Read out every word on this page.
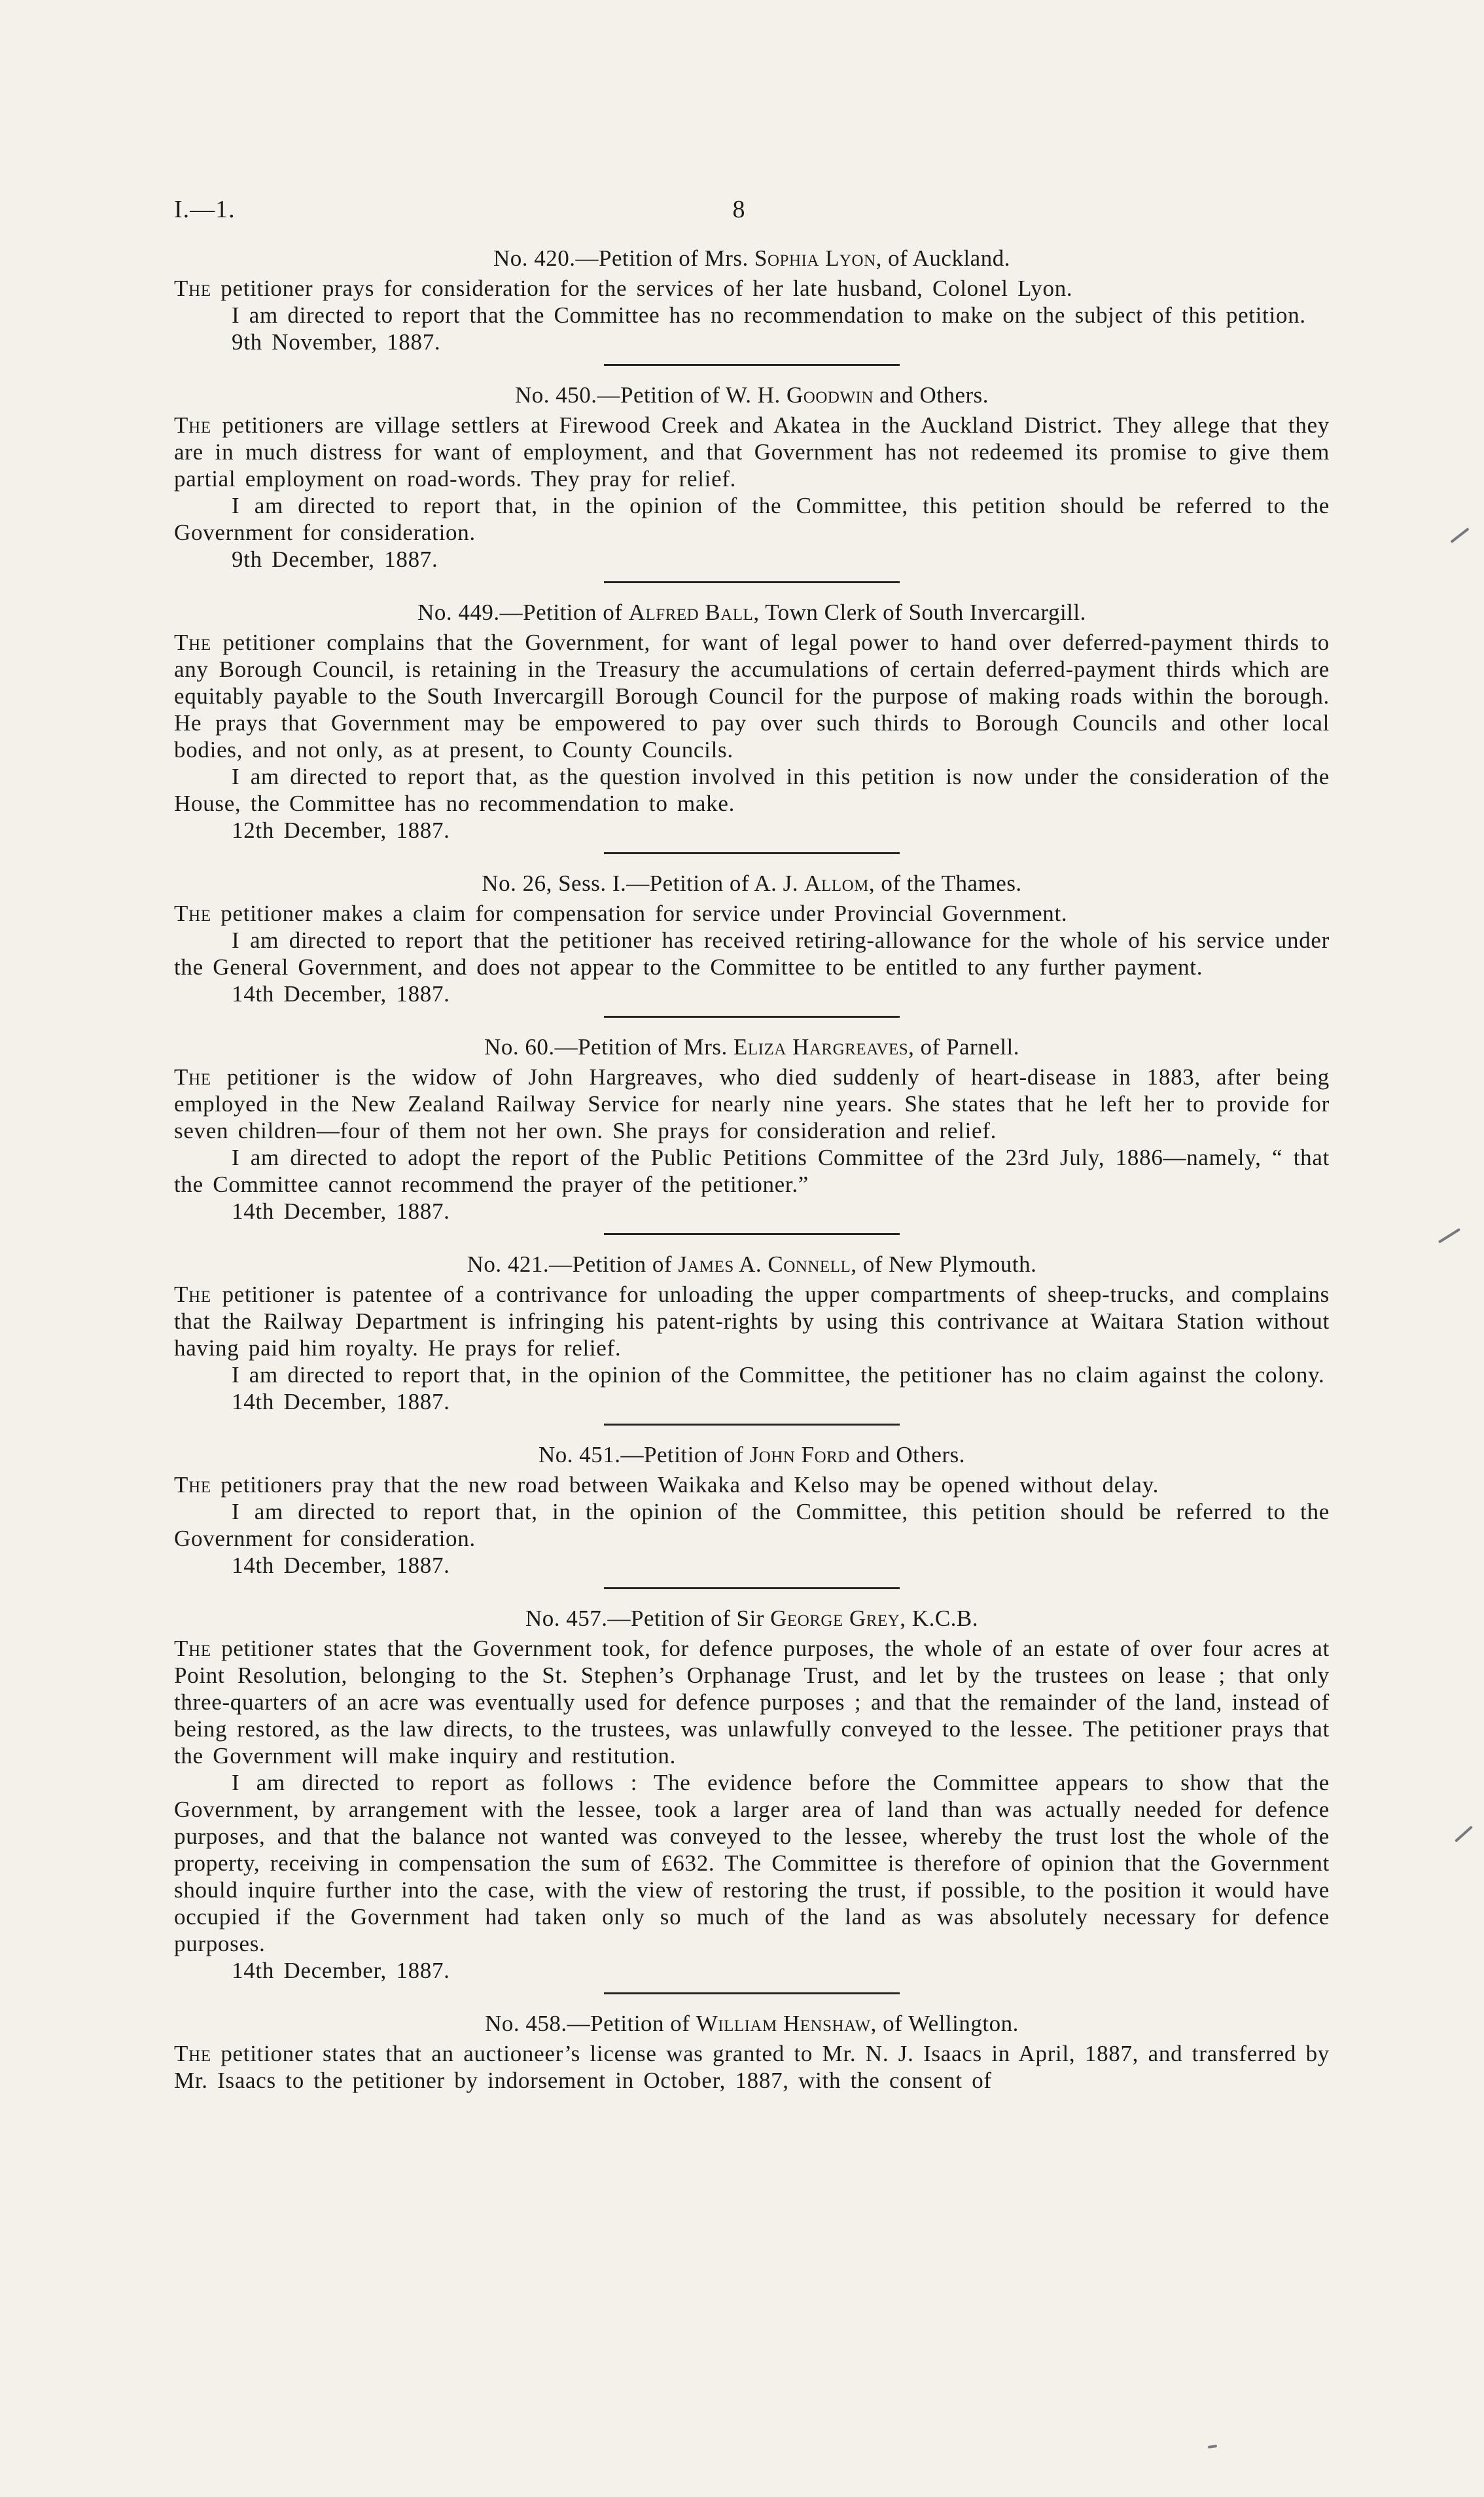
I.—1.	8
No. 420.—Petition of Mrs. Sophia Lyon, of Auckland.

The petitioner prays for consideration for the services of her late husband, Colonel Lyon.

I am directed to report that the Committee has no recommendation to make on the subject of this petition.

9th November, 1887.

No. 450.—Petition of W. H. Goodwin and Others.

The petitioners are village settlers at Firewood Creek and Akatea in the Auckland District. They allege that they are in much distress for want of employment, and that Government has not redeemed its promise to give them partial employment on road-words. They pray for relief.

I am directed to report that, in the opinion of the Committee, this petition should be referred to the Government for consideration.

9th December, 1887.

No. 449.—Petition of Alfred Ball, Town Clerk of South Invercargill.

The petitioner complains that the Government, for want of legal power to hand over deferred-payment thirds to any Borough Council, is retaining in the Treasury the accumulations of certain deferred-payment thirds which are equitably payable to the South Invercargill Borough Council for the purpose of making roads within the borough. He prays that Government may be empowered to pay over such thirds to Borough Councils and other local bodies, and not only, as at present, to County Councils.

I am directed to report that, as the question involved in this petition is now under the consideration of the House, the Committee has no recommendation to make.

12th December, 1887.

No. 26, Sess. I.—Petition of A. J. Allom, of the Thames.

The petitioner makes a claim for compensation for service under Provincial Government.

I am directed to report that the petitioner has received retiring-allowance for the whole of his service under the General Government, and does not appear to the Committee to be entitled to any further payment.

14th December, 1887.

No. 60.—Petition of Mrs. Eliza Hargreaves, of Parnell.

The petitioner is the widow of John Hargreaves, who died suddenly of heart-disease in 1883, after being employed in the New Zealand Railway Service for nearly nine years. She states that he left her to provide for seven children—four of them not her own. She prays for consideration and relief.

I am directed to adopt the report of the Public Petitions Committee of the 23rd July, 1886—namely, “ that the Committee cannot recommend the prayer of the petitioner.”

14th December, 1887.

No. 421.—Petition of James A. Connell, of New Plymouth.

The petitioner is patentee of a contrivance for unloading the upper compartments of sheep-trucks, and complains that the Railway Department is infringing his patent-rights by using this contrivance at Waitara Station without having paid him royalty. He prays for relief.

I am directed to report that, in the opinion of the Committee, the petitioner has no claim against the colony.

14th December, 1887.

No. 451.—Petition of John Ford and Others.

The petitioners pray that the new road between Waikaka and Kelso may be opened without delay.

I am directed to report that, in the opinion of the Committee, this petition should be referred to the Government for consideration.

14th December, 1887.

No. 457.—Petition of Sir George Grey, K.C.B.

The petitioner states that the Government took, for defence purposes, the whole of an estate of over four acres at Point Resolution, belonging to the St. Stephen’s Orphanage Trust, and let by the trustees on lease ; that only three-quarters of an acre was eventually used for defence purposes ; and that the remainder of the land, instead of being restored, as the law directs, to the trustees, was unlawfully conveyed to the lessee. The petitioner prays that the Government will make inquiry and restitution.

I am directed to report as follows : The evidence before the Committee appears to show that the Government, by arrangement with the lessee, took a larger area of land than was actually needed for defence purposes, and that the balance not wanted was conveyed to the lessee, whereby the trust lost the whole of the property, receiving in compensation the sum of £632. The Committee is therefore of opinion that the Government should inquire further into the case, with the view of restoring the trust, if possible, to the position it would have occupied if the Government had taken only so much of the land as was absolutely necessary for defence purposes.

14th December, 1887.

No. 458.—Petition of William Henshaw, of Wellington.

The petitioner states that an auctioneer’s license was granted to Mr. N. J. Isaacs in April, 1887, and transferred by Mr. Isaacs to the petitioner by indorsement in October, 1887, with the consent of
